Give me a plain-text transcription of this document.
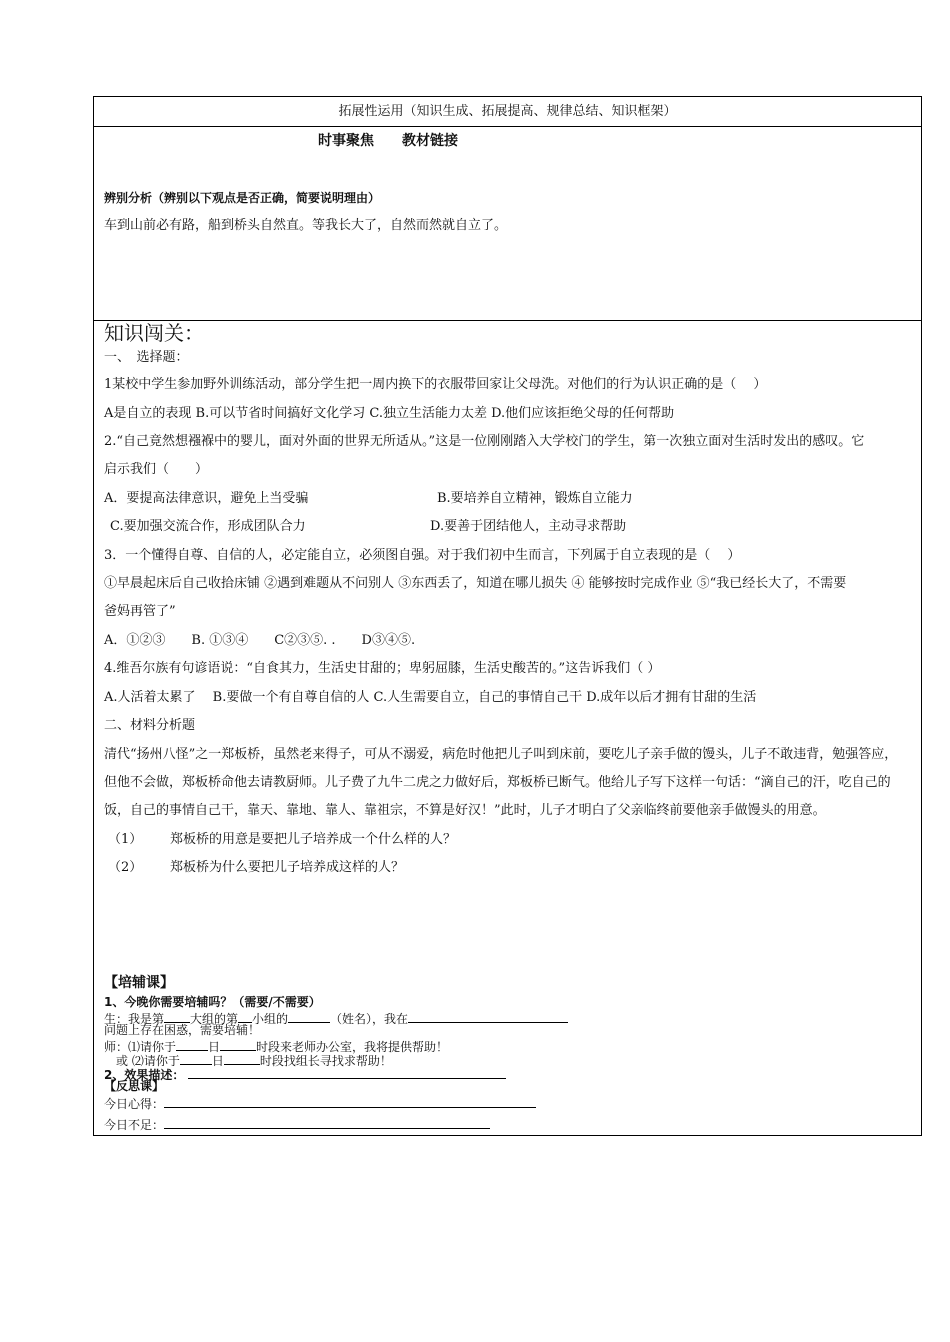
拓展性运用（知识生成、拓展提高、规律总结、知识框架）
时事聚焦　　教材链接
辨别分析（辨别以下观点是否正确，简要说明理由）
车到山前必有路，船到桥头自然直。等我长大了，自然而然就自立了。
知识闯关：
一、　选择题：
1某校中学生参加野外训练活动，部分学生把一周内换下的衣服带回家让父母洗。对他们的行为认识正确的是（　 ）
A是自立的表现 B.可以节省时间搞好文化学习 C.独立生活能力太差 D.他们应该拒绝父母的任何帮助
2.“自己竟然想襁褓中的婴儿，面对外面的世界无所适从。”这是一位刚刚踏入大学校门的学生，第一次独立面对生活时发出的感叹。它
启示我们（　　）
A．要提高法律意识，避免上当受骗	B.要培养自立精神，锻炼自立能力
C.要加强交流合作，形成团队合力	D.要善于团结他人，主动寻求帮助
3．一个懂得自尊、自信的人，必定能自立，必须图自强。对于我们初中生而言，下列属于自立表现的是（　 ）
①早晨起床后自己收拾床铺 ②遇到难题从不问别人 ③东西丢了，知道在哪儿损失 ④ 能够按时完成作业 ⑤“我已经长大了，不需要
爸妈再管了”
A．①②③　　B. ①③④　　C②③⑤. .　　D③④⑤.
4.维吾尔族有句谚语说：“自食其力，生活史甘甜的；卑躬屈膝，生活史酸苦的。”这告诉我们（ ）
A.人活着太累了　 B.要做一个有自尊自信的人 C.人生需要自立，自己的事情自己干 D.成年以后才拥有甘甜的生活
二、材料分析题
清代“扬州八怪”之一郑板桥，虽然老来得子，可从不溺爱，病危时他把儿子叫到床前，要吃儿子亲手做的馒头，儿子不敢违背，勉强答应，
但他不会做，郑板桥命他去请教厨师。儿子费了九牛二虎之力做好后，郑板桥已断气。他给儿子写下这样一句话：“滴自己的汗，吃自己的
饭，自己的事情自己干，靠天、靠地、靠人、靠祖宗，不算是好汉！”此时，儿子才明白了父亲临终前要他亲手做馒头的用意。
（1） 郑板桥的用意是要把儿子培养成一个什么样的人？
（2） 郑板桥为什么要把儿子培养成这样的人？
【培辅课】
1、今晚你需要培辅吗？（需要/不需要）
生：我是第 大组的第 小组的	（姓名），我在
问题上存在困惑，需要培辅！
师：⑴请你于	日	时段来老师办公室，我将提供帮助！
　或 ⑵请你于	日	时段找组长寻找求帮助！
2、效果描述：
【反思课】
今日心得：
今日不足：
